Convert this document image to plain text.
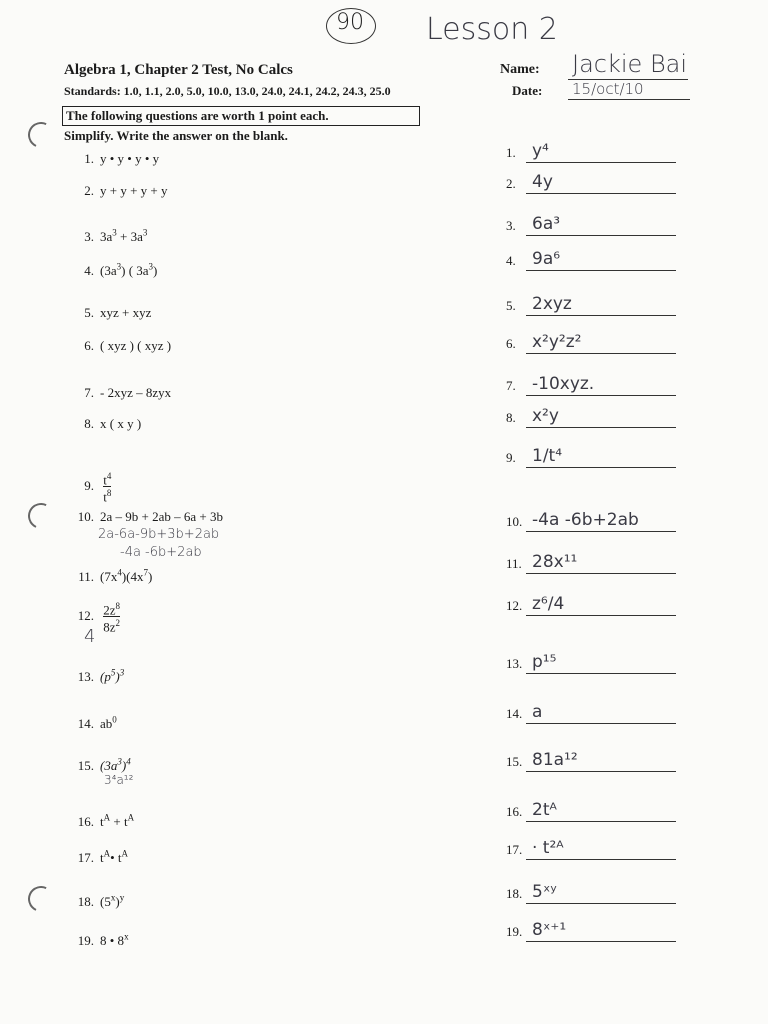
90 Lesson 2
Algebra 1, Chapter 2 Test, No Calcs
Standards: 1.0, 1.1, 2.0, 5.0, 10.0, 13.0, 24.0, 24.1, 24.2, 24.3, 25.0
Name: Jackie Bai
Date: 15/oct/10
The following questions are worth 1 point each.
Simplify. Write the answer on the blank.
1. y • y • y • y
2. y + y + y + y
3. $3a^3 + 3a^3$
4. $(3a^3)$ ( $3a^3$)
5. xyz + xyz
6. ( xyz ) ( xyz )
7. - 2xyz – 8zyx
8. x ( x y )
9. $t^4$

$t^8$
10. 2a – 9b + 2ab – 6a + 3b
2a-6a-9b+3b+2ab
-4a -6b+2ab
11. $(7x^4)(4x^7)$
12. $2z^8$

$8z^2$
4
13. $(p^5)^3$
14. $ab^0$
15. $(3a^3)^4$
3⁴a¹²
16. $t^A + t^A$
17. $t^A•$ $t^A$
18. $(5^x)^y$
19. 8 • 8$^x$
1. y⁴
2. 4y
3. 6a³
4. 9a⁶
5. 2xyz
6. x²y²z²
7. -10xyz.
8. x²y
9. 1/t⁴
10. -4a -6b+2ab
11. 28x¹¹
12. z⁶/4
13. p¹⁵
14. a
15. 81a¹²
16. 2tᴬ
17. · t²ᴬ
18. 5ˣʸ
19. 8ˣ⁺¹
